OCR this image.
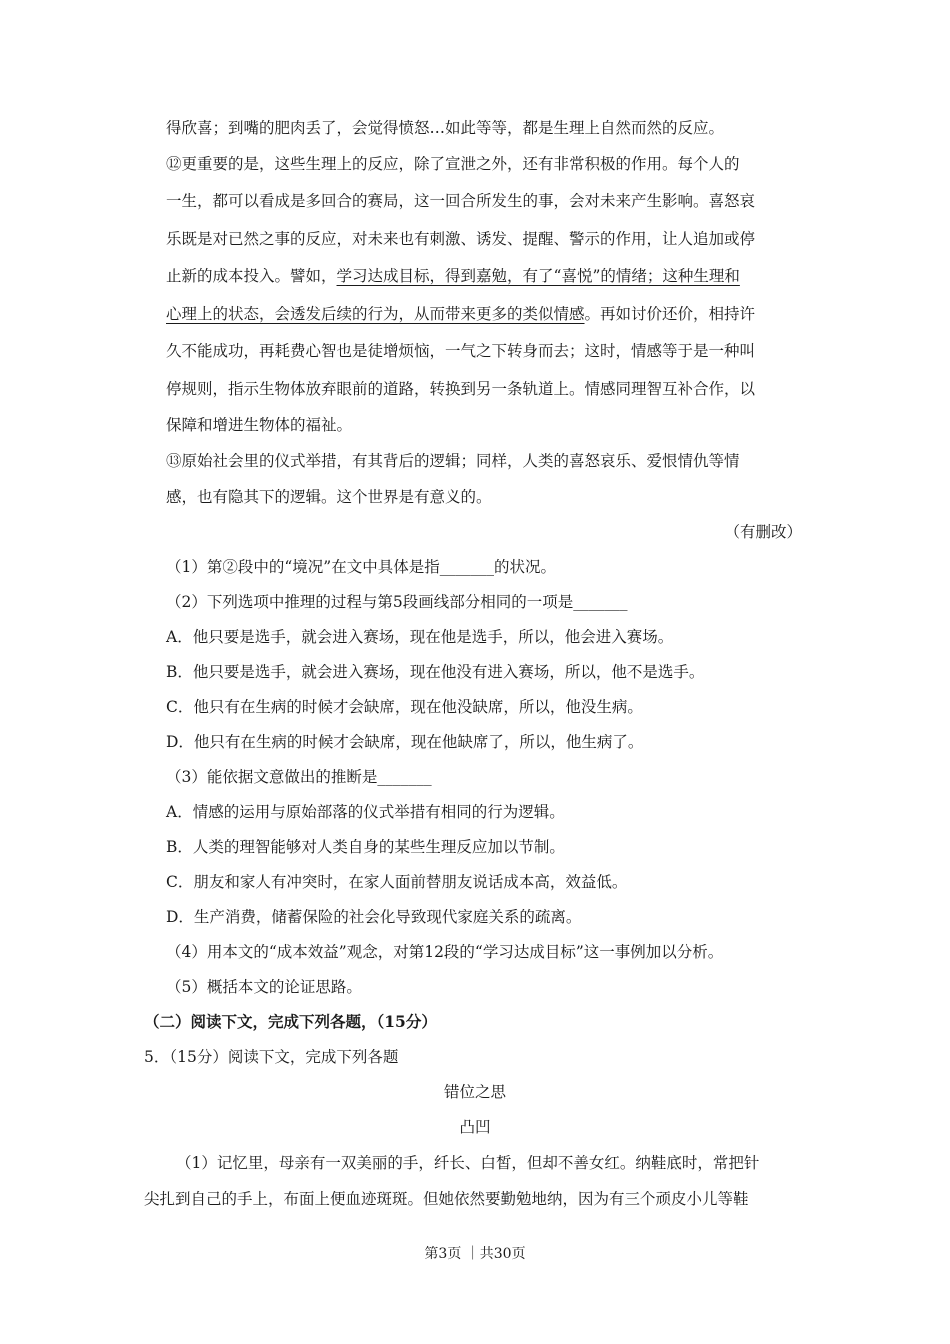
得欣喜；到嘴的肥肉丢了，会觉得愤怒…如此等等，都是生理上自然而然的反应。
⑫更重要的是，这些生理上的反应，除了宣泄之外，还有非常积极的作用。每个人的
一生，都可以看成是多回合的赛局，这一回合所发生的事，会对未来产生影响。喜怒哀
乐既是对已然之事的反应，对未来也有刺激、诱发、提醒、警示的作用，让人追加或停
止新的成本投入。譬如，学习达成目标，得到嘉勉，有了“喜悦”的情绪；这种生理和
心理上的状态，会透发后续的行为，从而带来更多的类似情感。再如讨价还价，相持许
久不能成功，再耗费心智也是徒增烦恼，一气之下转身而去；这时，情感等于是一种叫
停规则，指示生物体放弃眼前的道路，转换到另一条轨道上。情感同理智互补合作，以
保障和增进生物体的福祉。
⑬原始社会里的仪式举措，有其背后的逻辑；同样，人类的喜怒哀乐、爱恨情仇等情
感，也有隐其下的逻辑。这个世界是有意义的。
（有删改）
（1）第②段中的“境况”在文中具体是指_______的状况。
（2）下列选项中推理的过程与第5段画线部分相同的一项是_______
A．他只要是选手，就会进入赛场，现在他是选手，所以，他会进入赛场。
B．他只要是选手，就会进入赛场，现在他没有进入赛场，所以，他不是选手。
C．他只有在生病的时候才会缺席，现在他没缺席，所以，他没生病。
D．他只有在生病的时候才会缺席，现在他缺席了，所以，他生病了。
（3）能依据文意做出的推断是_______
A．情感的运用与原始部落的仪式举措有相同的行为逻辑。
B．人类的理智能够对人类自身的某些生理反应加以节制。
C．朋友和家人有冲突时，在家人面前替朋友说话成本高，效益低。
D．生产消费，储蓄保险的社会化导致现代家庭关系的疏离。
（4）用本文的“成本效益”观念，对第12段的“学习达成目标”这一事例加以分析。
（5）概括本文的论证思路。
（二）阅读下文，完成下列各题，（15分）
5．（15分）阅读下文，完成下列各题
错位之思
凸凹
（1）记忆里，母亲有一双美丽的手，纤长、白皙，但却不善女红。纳鞋底时，常把针
尖扎到自己的手上，布面上便血迹斑斑。但她依然要勤勉地纳，因为有三个顽皮小儿等鞋
第3页 ｜共30页
